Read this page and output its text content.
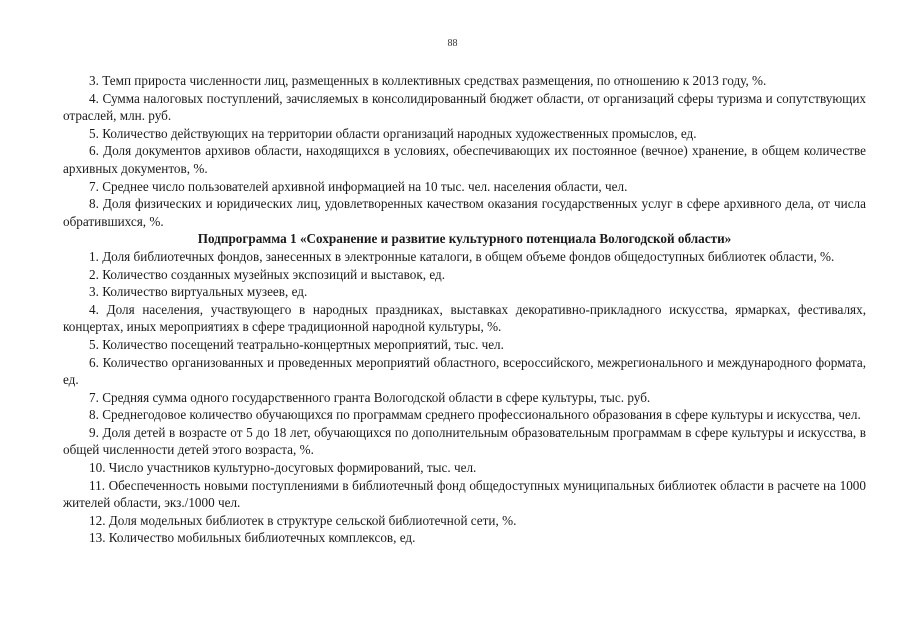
88

3. Темп прироста численности лиц, размещенных в коллективных средствах размещения, по отношению к 2013 году, %.

4. Сумма налоговых поступлений, зачисляемых в консолидированный бюджет области, от организаций сферы туризма и сопутствующих отраслей, млн. руб.

5. Количество действующих на территории области организаций народных художественных промыслов, ед.

6. Доля документов архивов области, находящихся в условиях, обеспечивающих их постоянное (вечное) хранение, в общем количестве архивных документов, %.

7. Среднее число пользователей архивной информацией на 10 тыс. чел. населения области, чел.

8. Доля физических и юридических лиц, удовлетворенных качеством оказания государственных услуг в сфере архивного дела, от числа обратившихся, %.

Подпрограмма 1 «Сохранение и развитие культурного потенциала Вологодской области»

1. Доля библиотечных фондов, занесенных в электронные каталоги, в общем объеме фондов общедоступных библиотек области, %.

2. Количество созданных музейных экспозиций и выставок, ед.

3. Количество виртуальных музеев, ед.

4. Доля населения, участвующего в народных праздниках, выставках декоративно-прикладного искусства, ярмарках, фестивалях, концертах, иных мероприятиях в сфере традиционной народной культуры, %.

5. Количество посещений театрально-концертных мероприятий, тыс. чел.

6. Количество организованных и проведенных мероприятий областного, всероссийского, межрегионального и международного формата, ед.

7. Средняя сумма одного государственного гранта Вологодской области в сфере культуры, тыс. руб.

8. Среднегодовое количество обучающихся по программам среднего профессионального образования в сфере культуры и искусства, чел.

9. Доля детей в возрасте от 5 до 18 лет, обучающихся по дополнительным образовательным программам в сфере культуры и искусства, в общей численности детей этого возраста, %.

10. Число участников культурно-досуговых формирований, тыс. чел.

11. Обеспеченность новыми поступлениями в библиотечный фонд общедоступных муниципальных библиотек области в расчете на 1000 жителей области, экз./1000 чел.

12. Доля модельных библиотек в структуре сельской библиотечной сети, %.

13. Количество мобильных библиотечных комплексов, ед.
